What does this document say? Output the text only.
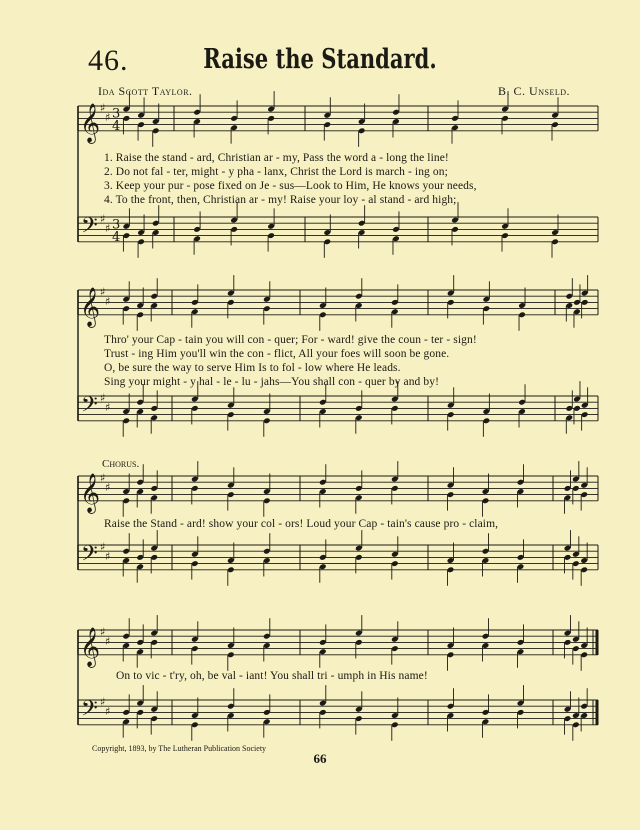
46.	Raise the Standard.
Ida Scott Taylor.	B. C. Unseld.
1. Raise the stand - ard, Christian ar - my, Pass the word a - long the line!
2. Do not fal - ter, might - y pha - lanx, Christ the Lord is march - ing on;
3. Keep your pur - pose fixed on Je - sus—Look to Him, He knows your needs,
4. To the front, then, Christian ar - my! Raise your loy - al stand - ard high;
Thro' your Cap - tain you will con - quer; For - ward! give the coun - ter - sign!
Trust - ing Him you'll win the con - flict, All your foes will soon be gone.
O, be sure the way to serve Him Is to fol - low where He leads.
Sing your might - y hal - le - lu - jahs—You shall con - quer by and by!
Chorus.
Raise the Stand - ard! show your col - ors! Loud your Cap - tain's cause pro - claim,
On to vic - t'ry, oh, be val - iant! You shall tri - umph in His name!
𝄞 ♯
♯ 3
4
𝄢 ♯
♯ 3
4
𝄞 ♯
♯
𝄢 ♯
♯
𝄞 ♯
♯
𝄢 ♯
♯
𝄞 ♯
♯
𝄢 ♯
♯
Copyright, 1893, by The Lutheran Publication Society
66
